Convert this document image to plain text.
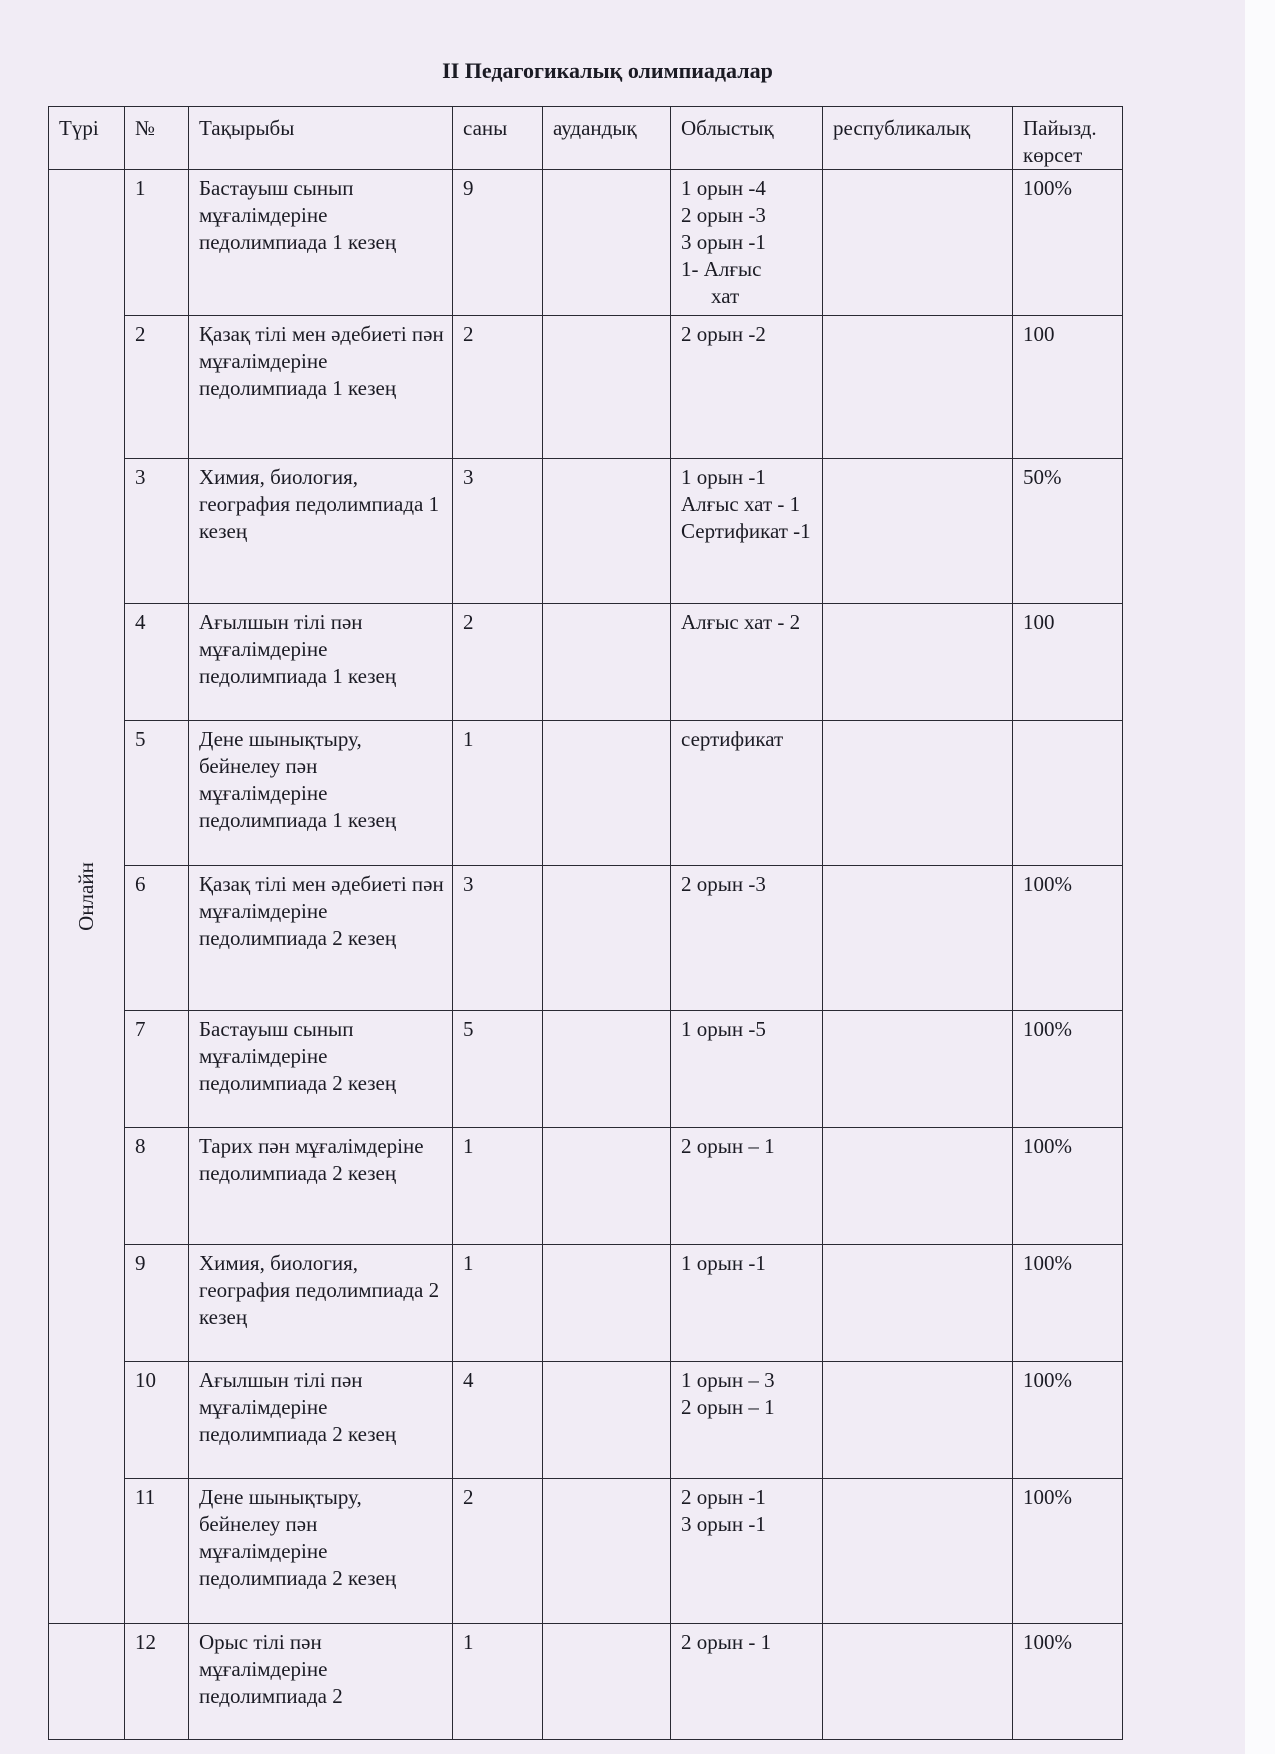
II Педагогикалық олимпиадалар
Түрі	№	Тақырыбы	саны	аудандық	Облыстық	республикалық	Пайызд. көрсет
Онлайн	1	Бастауыш сынып мұғалімдеріне педолимпиада 1 кезең	9		1 орын -4
2 орын -3
3 орын -1
1- Алғыс
хат		100%
	2	Қазақ тілі мен әдебиеті пән мұғалімдеріне педолимпиада 1 кезең	2		2 орын -2		100
	3	Химия, биология, география педолимпиада 1 кезең	3		1 орын -1
Алғыс хат - 1
Сертификат -1		50%
	4	Ағылшын тілі пән мұғалімдеріне педолимпиада 1 кезең	2		Алғыс хат - 2		100
	5	Дене шынықтыру, бейнелеу пән мұғалімдеріне педолимпиада 1 кезең	1		сертификат		

	6	Қазақ тілі мен әдебиеті пән мұғалімдеріне педолимпиада 2 кезең	3		2 орын -3		100%
	7	Бастауыш сынып мұғалімдеріне педолимпиада 2 кезең	5		1 орын -5		100%
	8	Тарих пән мұғалімдеріне педолимпиада 2 кезең	1		2 орын – 1		100%
	9	Химия, биология, география педолимпиада 2 кезең	1		1 орын -1		100%
	10	Ағылшын тілі пән мұғалімдеріне педолимпиада 2 кезең	4		1 орын – 3
2 орын – 1		100%
	11	Дене шынықтыру, бейнелеу пән мұғалімдеріне педолимпиада 2 кезең	2		2 орын -1
3 орын -1		100%
	12	Орыс тілі пән мұғалімдеріне педолимпиада 2	1		2 орын - 1		100%
